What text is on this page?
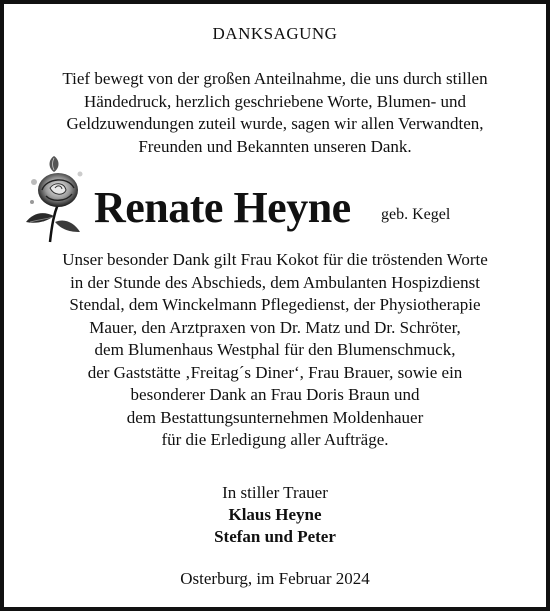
DANKSAGUNG
Tief bewegt von der großen Anteilnahme, die uns durch stillen
Händedruck, herzlich geschriebene Worte, Blumen- und
Geldzuwendungen zuteil wurde, sagen wir allen Verwandten,
Freunden und Bekannten unseren Dank.
Renate Heyne geb. Kegel
Unser besonder Dank gilt Frau Kokot für die tröstenden Worte
in der Stunde des Abschieds, dem Ambulanten Hospizdienst
Stendal, dem Winckelmann Pflegedienst, der Physiotherapie
Mauer, den Arztpraxen von Dr. Matz und Dr. Schröter,
dem Blumenhaus Westphal für den Blumenschmuck,
der Gaststätte ‚Freitag´s Diner‘, Frau Brauer, sowie ein
besonderer Dank an Frau Doris Braun und
dem Bestattungsunternehmen Moldenhauer
für die Erledigung aller Aufträge.
In stiller Trauer
Klaus Heyne
Stefan und Peter
Osterburg, im Februar 2024
